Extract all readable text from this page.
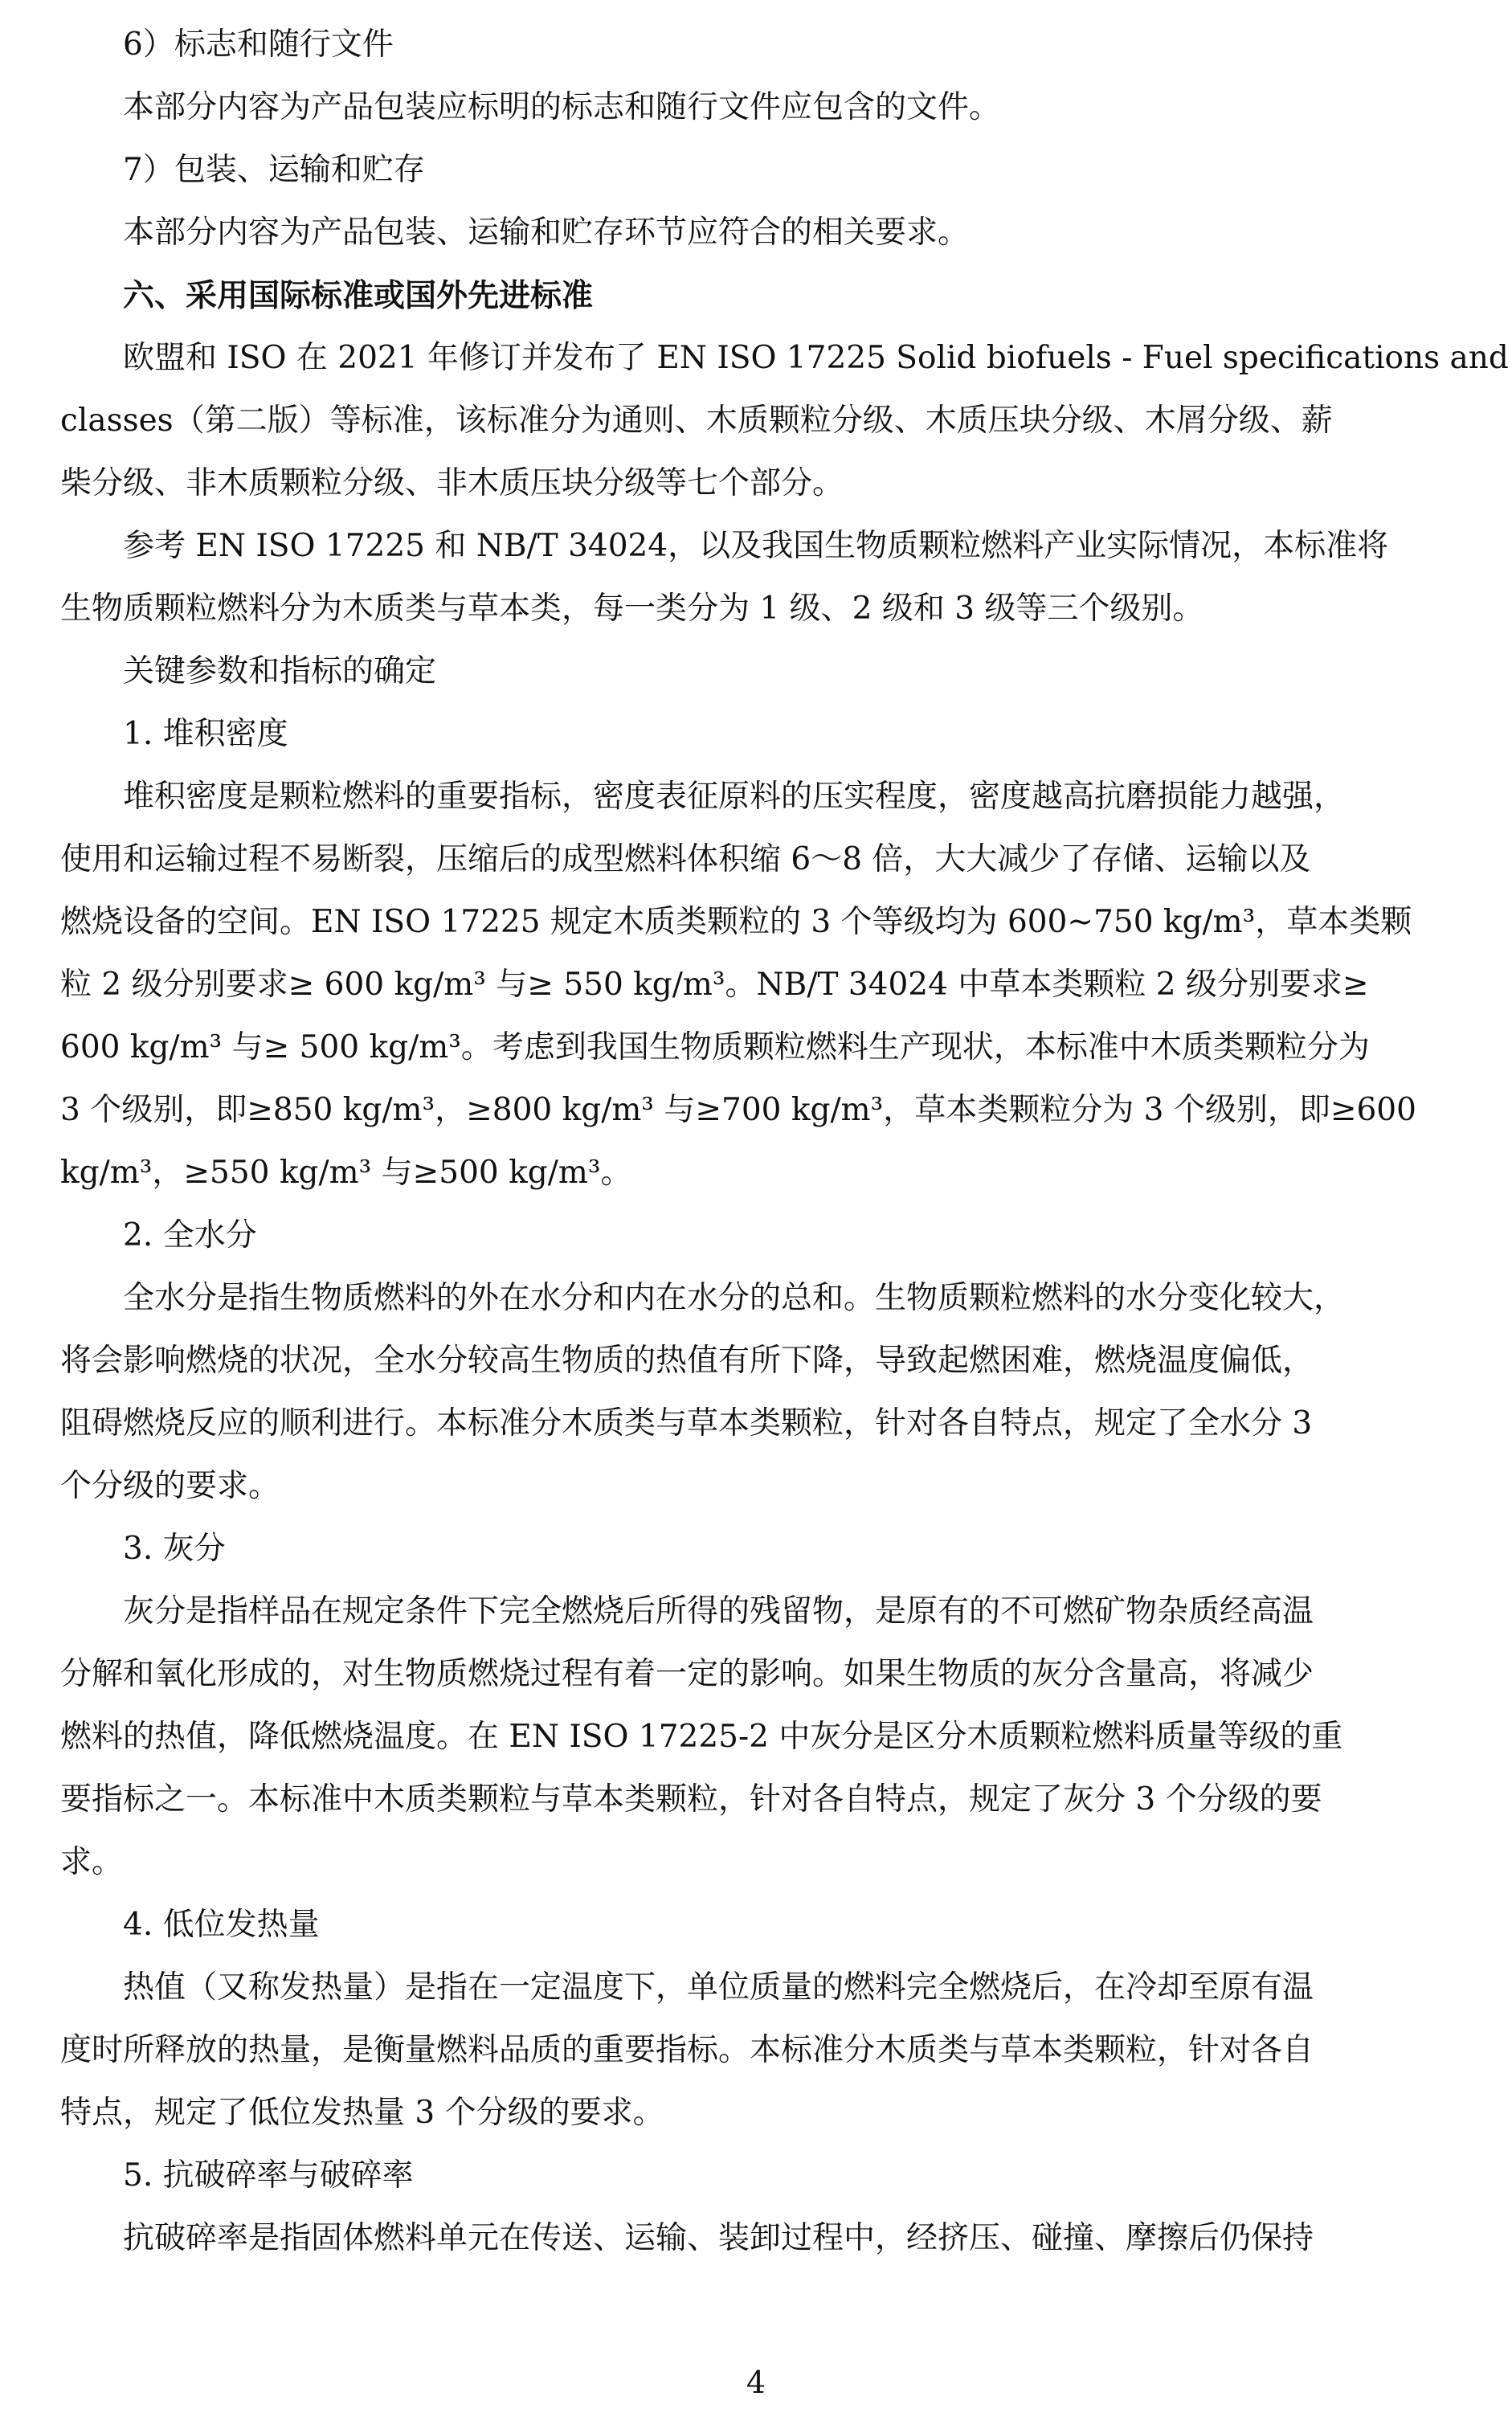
6）标志和随行文件
本部分内容为产品包装应标明的标志和随行文件应包含的文件。
7）包装、运输和贮存
本部分内容为产品包装、运输和贮存环节应符合的相关要求。
六、采用国际标准或国外先进标准
欧盟和 ISO 在 2021 年修订并发布了 EN ISO 17225 Solid biofuels - Fuel specifications and
classes（第二版）等标准，该标准分为通则、木质颗粒分级、木质压块分级、木屑分级、薪
柴分级、非木质颗粒分级、非木质压块分级等七个部分。
参考 EN ISO 17225 和 NB/T 34024，以及我国生物质颗粒燃料产业实际情况，本标准将
生物质颗粒燃料分为木质类与草本类，每一类分为 1 级、2 级和 3 级等三个级别。
关键参数和指标的确定
1. 堆积密度
堆积密度是颗粒燃料的重要指标，密度表征原料的压实程度，密度越高抗磨损能力越强，
使用和运输过程不易断裂，压缩后的成型燃料体积缩 6～8 倍，大大减少了存储、运输以及
燃烧设备的空间。EN ISO 17225 规定木质类颗粒的 3 个等级均为 600~750 kg/m³，草本类颗
粒 2 级分别要求≥ 600 kg/m³ 与≥ 550 kg/m³。NB/T 34024 中草本类颗粒 2 级分别要求≥
600 kg/m³ 与≥ 500 kg/m³。考虑到我国生物质颗粒燃料生产现状，本标准中木质类颗粒分为
3 个级别，即≥850 kg/m³，≥800 kg/m³ 与≥700 kg/m³，草本类颗粒分为 3 个级别，即≥600
kg/m³，≥550 kg/m³ 与≥500 kg/m³。
2. 全水分
全水分是指生物质燃料的外在水分和内在水分的总和。生物质颗粒燃料的水分变化较大，
将会影响燃烧的状况，全水分较高生物质的热值有所下降，导致起燃困难，燃烧温度偏低，
阻碍燃烧反应的顺利进行。本标准分木质类与草本类颗粒，针对各自特点，规定了全水分 3
个分级的要求。
3. 灰分
灰分是指样品在规定条件下完全燃烧后所得的残留物，是原有的不可燃矿物杂质经高温
分解和氧化形成的，对生物质燃烧过程有着一定的影响。如果生物质的灰分含量高，将减少
燃料的热值，降低燃烧温度。在 EN ISO 17225-2 中灰分是区分木质颗粒燃料质量等级的重
要指标之一。本标准中木质类颗粒与草本类颗粒，针对各自特点，规定了灰分 3 个分级的要
求。
4. 低位发热量
热值（又称发热量）是指在一定温度下，单位质量的燃料完全燃烧后，在冷却至原有温
度时所释放的热量，是衡量燃料品质的重要指标。本标准分木质类与草本类颗粒，针对各自
特点，规定了低位发热量 3 个分级的要求。
5. 抗破碎率与破碎率
抗破碎率是指固体燃料单元在传送、运输、装卸过程中，经挤压、碰撞、摩擦后仍保持
4
